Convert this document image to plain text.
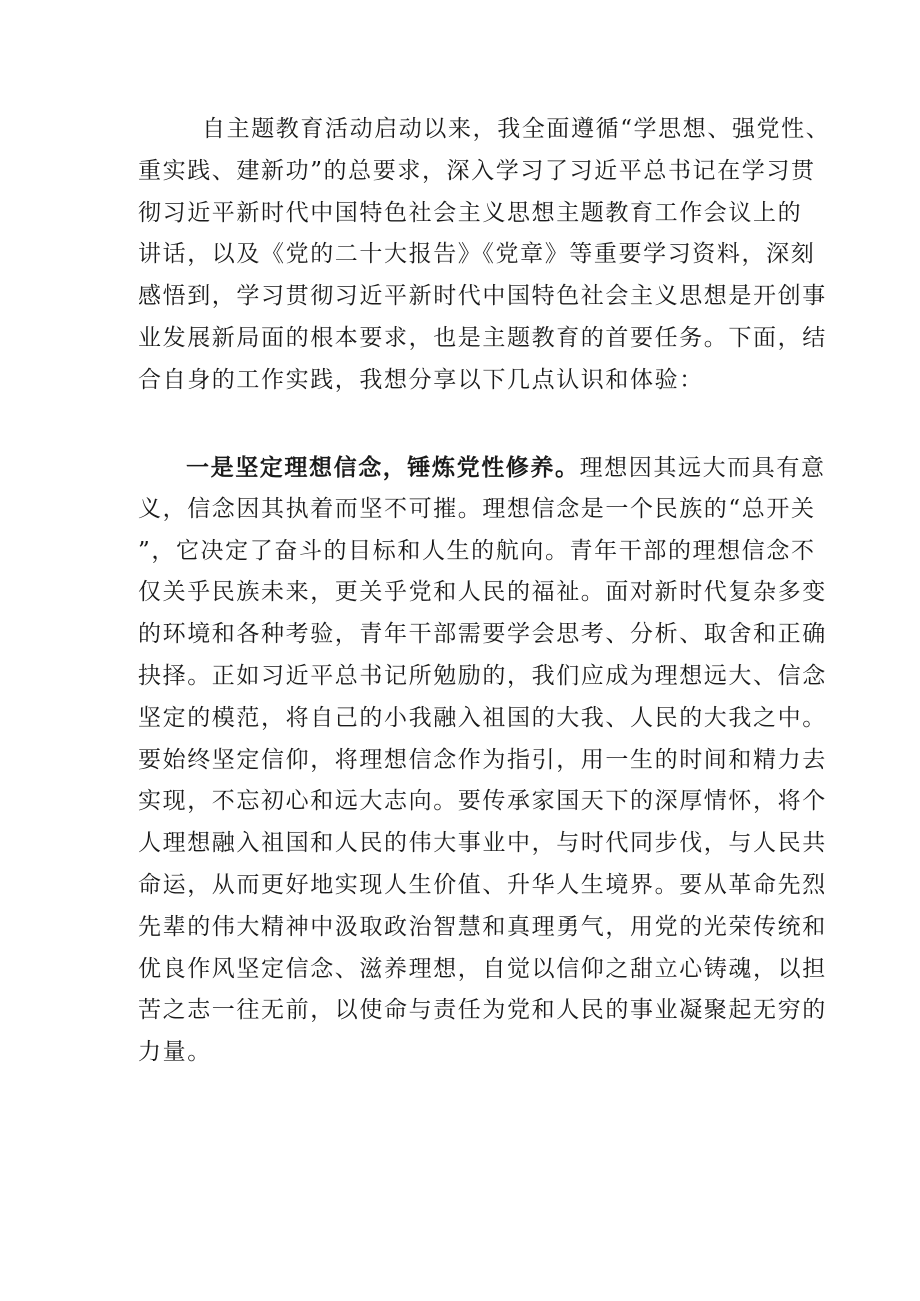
自主题教育活动启动以来，我全面遵循“学思想、强党性、
重实践、建新功”的总要求，深入学习了习近平总书记在学习贯
彻习近平新时代中国特色社会主义思想主题教育工作会议上的
讲话，以及《党的二十大报告》《党章》等重要学习资料，深刻
感悟到，学习贯彻习近平新时代中国特色社会主义思想是开创事
业发展新局面的根本要求，也是主题教育的首要任务。下面，结
合自身的工作实践，我想分享以下几点认识和体验：
一是坚定理想信念，锤炼党性修养。理想因其远大而具有意
义，信念因其执着而坚不可摧。理想信念是一个民族的“总开关
”，它决定了奋斗的目标和人生的航向。青年干部的理想信念不
仅关乎民族未来，更关乎党和人民的福祉。面对新时代复杂多变
的环境和各种考验，青年干部需要学会思考、分析、取舍和正确
抉择。正如习近平总书记所勉励的，我们应成为理想远大、信念
坚定的模范，将自己的小我融入祖国的大我、人民的大我之中。
要始终坚定信仰，将理想信念作为指引，用一生的时间和精力去
实现，不忘初心和远大志向。要传承家国天下的深厚情怀，将个
人理想融入祖国和人民的伟大事业中，与时代同步伐，与人民共
命运，从而更好地实现人生价值、升华人生境界。要从革命先烈
先辈的伟大精神中汲取政治智慧和真理勇气，用党的光荣传统和
优良作风坚定信念、滋养理想，自觉以信仰之甜立心铸魂，以担
苦之志一往无前，以使命与责任为党和人民的事业凝聚起无穷的
力量。
